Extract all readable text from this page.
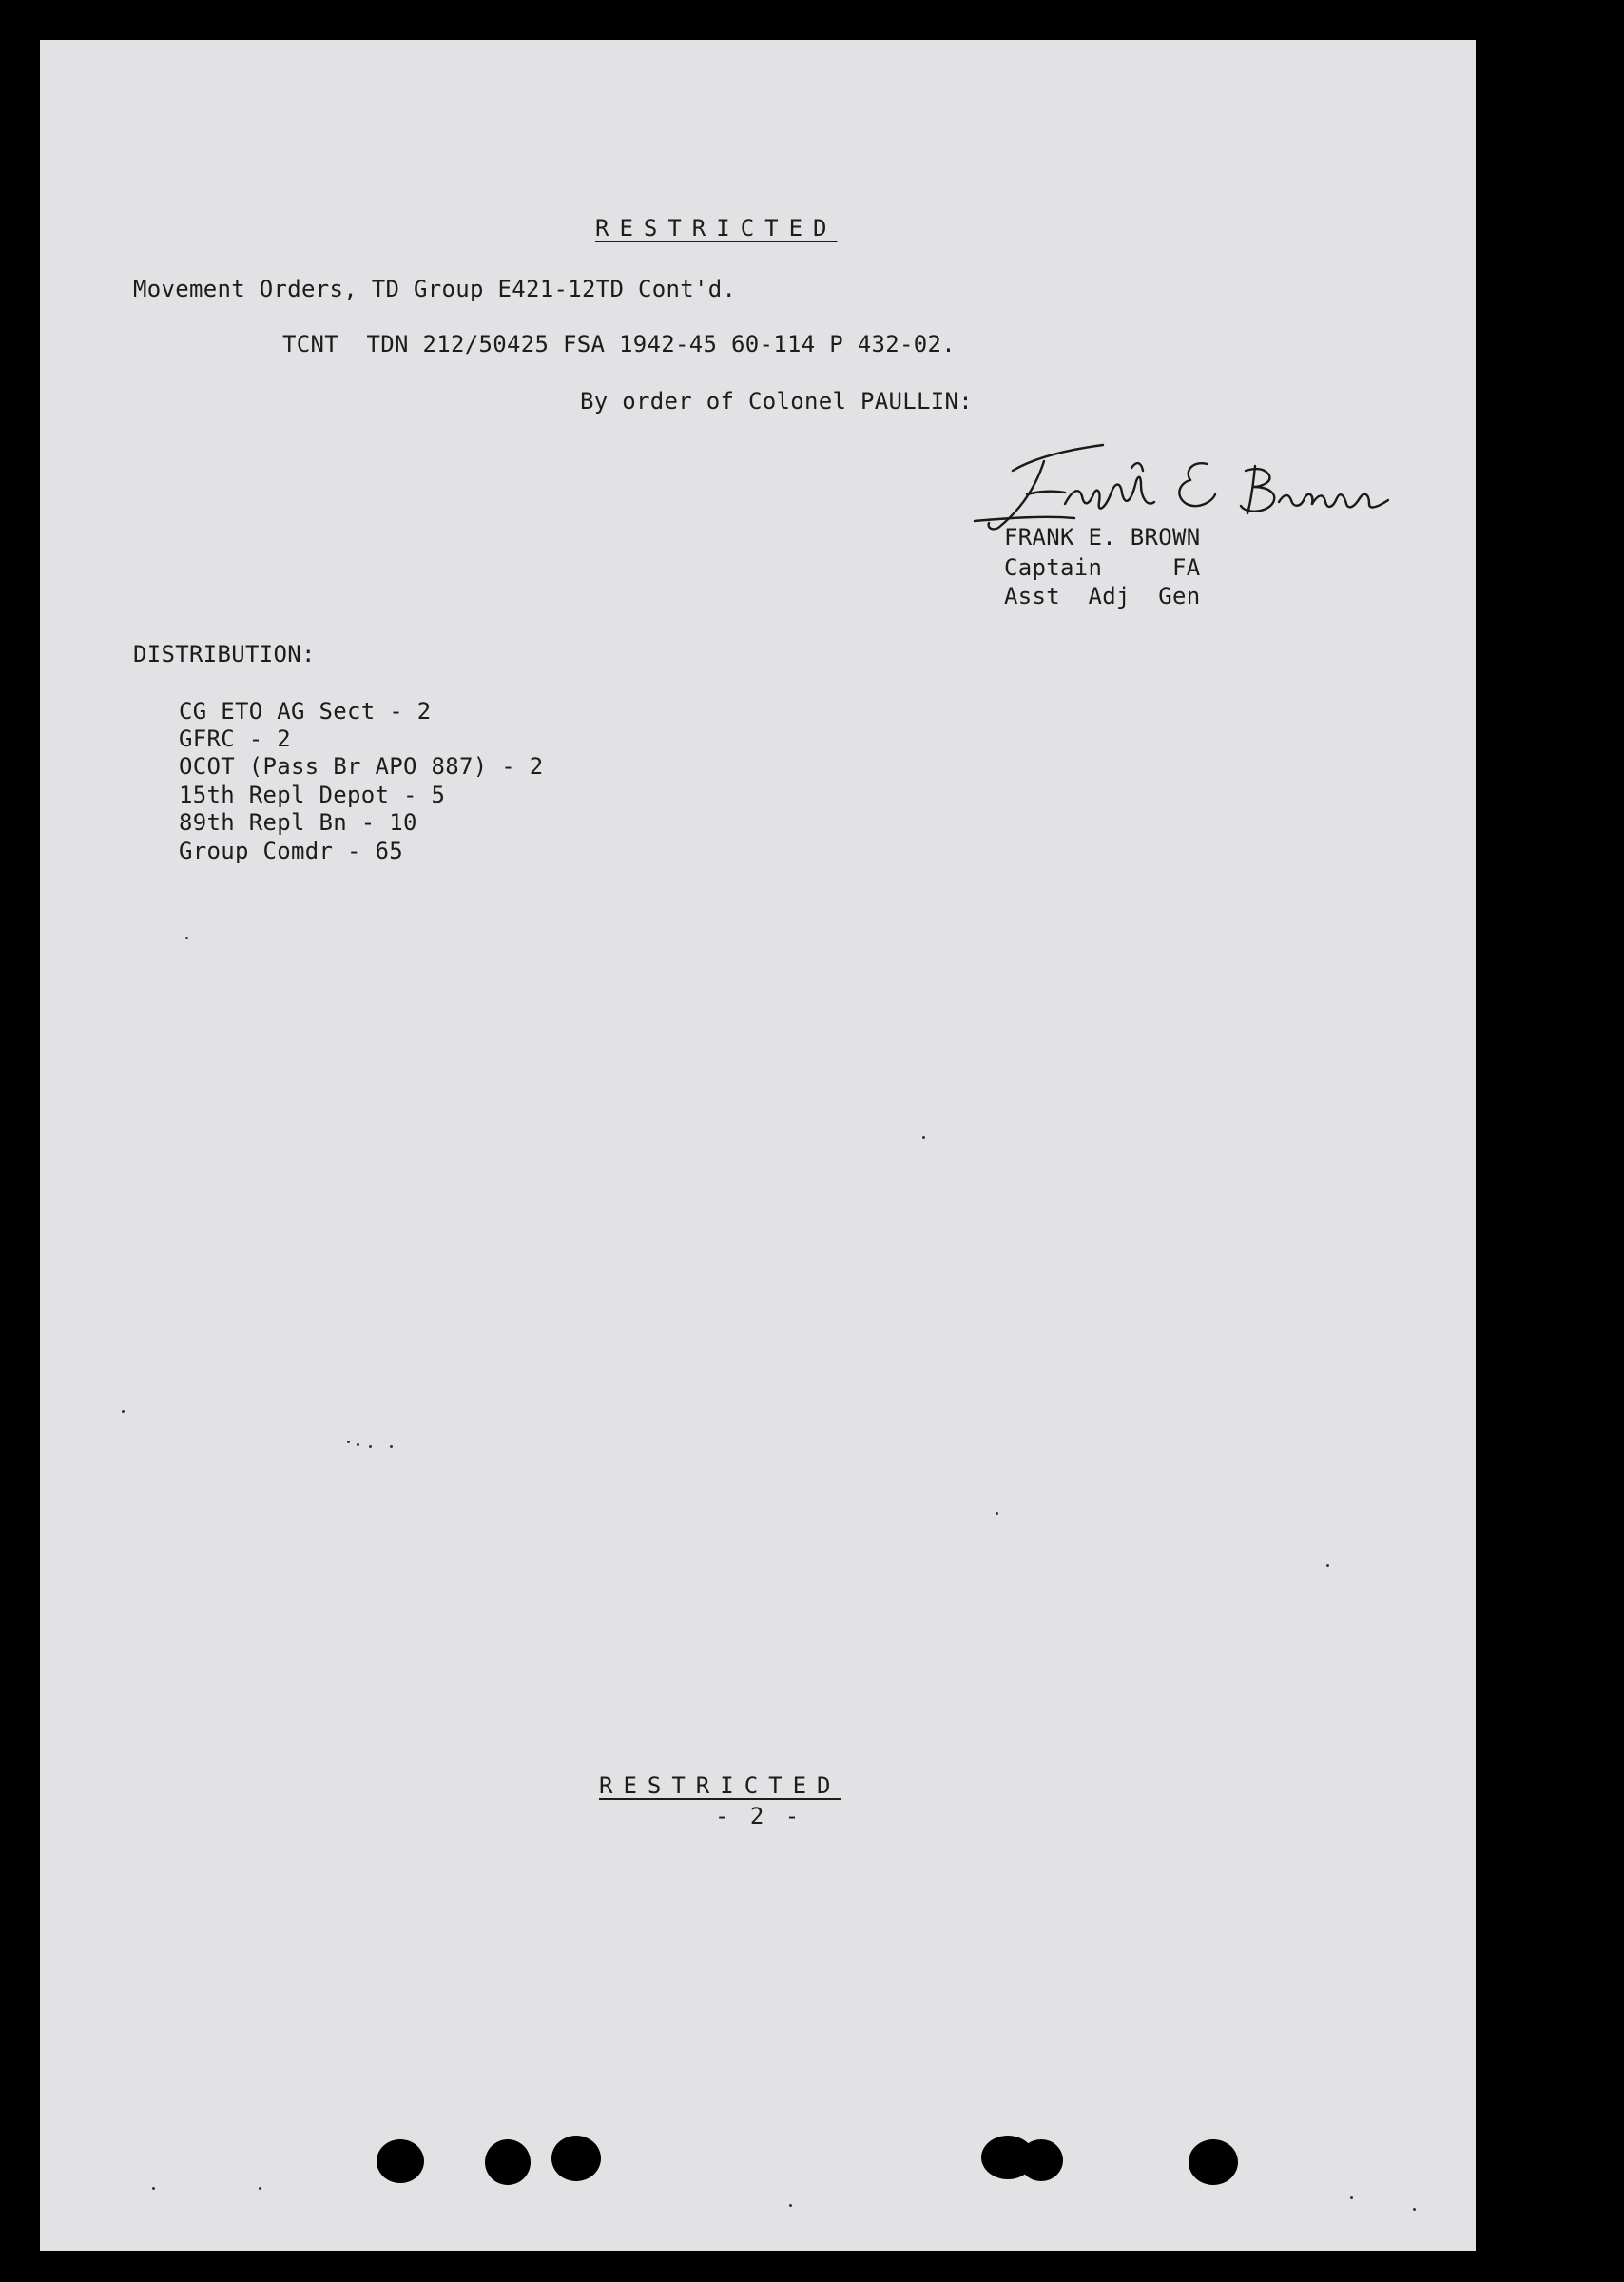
RESTRICTED
Movement Orders, TD Group E421-12TD Cont'd.
TCNT  TDN 212/50425 FSA 1942-45 60-114 P 432-02.
By order of Colonel PAULLIN:
FRANK E. BROWN
Captain     FA
Asst  Adj  Gen
DISTRIBUTION:
CG ETO AG Sect - 2
GFRC - 2
OCOT (Pass Br APO 887) - 2
15th Repl Depot - 5
89th Repl Bn - 10
Group Comdr - 65
RESTRICTED
- 2 -
